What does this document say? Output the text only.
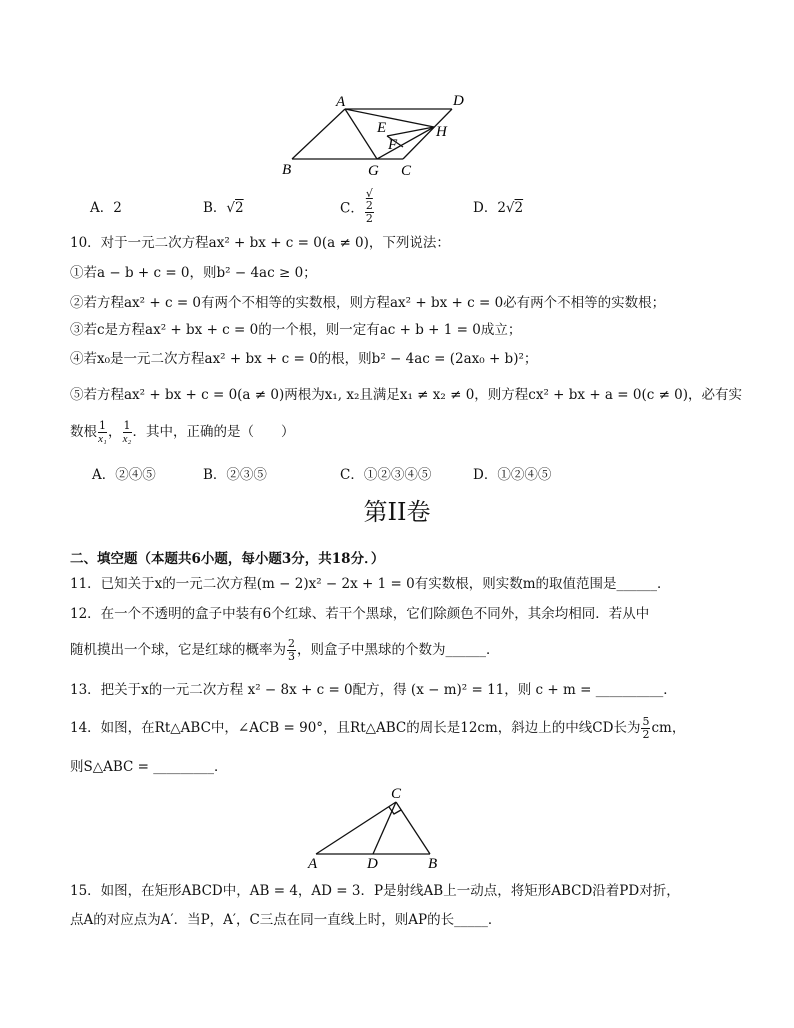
A	D
E	H
F
B	G C
A．2	B．√2	C． √
2
2	D．2√2
10．对于一元二次方程ax² + bx + c = 0(a ≠ 0)，下列说法：
①若a − b + c = 0，则b² − 4ac ≥ 0；
②若方程ax² + c = 0有两个不相等的实数根，则方程ax² + bx + c = 0必有两个不相等的实数根；
③若c是方程ax² + bx + c = 0的一个根，则一定有ac + b + 1 = 0成立；
④若x₀是一元二次方程ax² + bx + c = 0的根，则b² − 4ac = (2ax₀ + b)²；
⑤若方程ax² + bx + c = 0(a ≠ 0)两根为x₁, x₂且满足x₁ ≠ x₂ ≠ 0，则方程cx² + bx + a = 0(c ≠ 0)，必有实
数根 $\frac{1}{\text{x₁}}$ ， $\frac{1}{\text{x₂}}$ ．其中，正确的是（　　）
A．②④⑤	B．②③⑤	C．①②③④⑤	D．①②④⑤
第II卷
二、填空题（本题共6小题，每小题3分，共18分．）
11．已知关于x的一元二次方程(m − 2)x² − 2x + 1 = 0有实数根，则实数m的取值范围是______．
12．在一个不透明的盒子中装有6个红球、若干个黑球，它们除颜色不同外，其余均相同．若从中
随机摸出一个球，它是红球的概率为 $\frac{2}{3}$ ，则盒子中黑球的个数为______．
13．把关于x的一元二次方程 x² − 8x + c = 0配方，得 (x − m)² = 11，则 c + m = __________．
14．如图，在Rt△ABC中，∠ACB = 90°，且Rt△ABC的周长是12cm，斜边上的中线CD长为 $\frac{5}{2}$ cm，
则S△ABC = _________．
C
A	D	B
15．如图，在矩形ABCD中，AB = 4，AD = 3．P是射线AB上一动点，将矩形ABCD沿着PD对折，
点A的对应点为A′．当P，A′，C三点在同一直线上时，则AP的长_____．
